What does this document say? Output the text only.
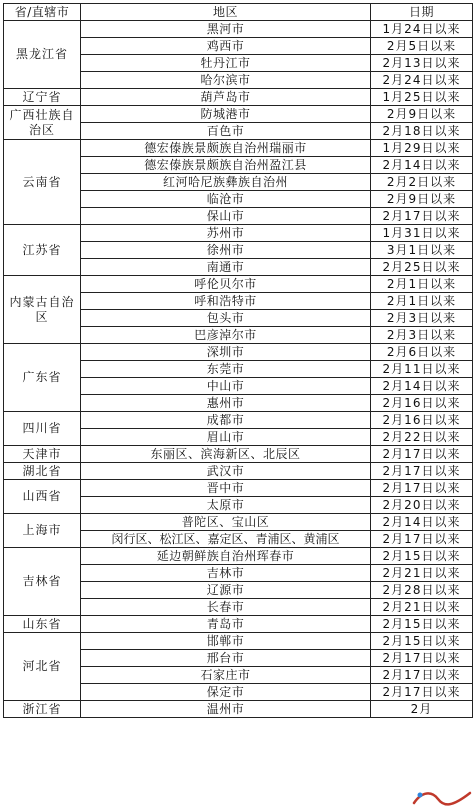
省/直辖市	地区	日期
黑龙江省	黑河市	1月24日以来
	鸡西市	2月5日以来
	牡丹江市	2月13日以来
	哈尔滨市	2月24日以来
辽宁省	葫芦岛市	1月25日以来
广西壮族自治区	防城港市	2月9日以来
	百色市	2月18日以来
云南省	德宏傣族景颇族自治州瑞丽市	1月29日以来
	德宏傣族景颇族自治州盈江县	2月14日以来
	红河哈尼族彝族自治州	2月2日以来
	临沧市	2月9日以来
	保山市	2月17日以来
江苏省	苏州市	1月31日以来
	徐州市	3月1日以来
	南通市	2月25日以来
内蒙古自治区	呼伦贝尔市	2月1日以来
	呼和浩特市	2月1日以来
	包头市	2月3日以来
	巴彦淖尔市	2月3日以来
广东省	深圳市	2月6日以来
	东莞市	2月11日以来
	中山市	2月14日以来
	惠州市	2月16日以来
四川省	成都市	2月16日以来
	眉山市	2月22日以来
天津市	东丽区、滨海新区、北辰区	2月17日以来
湖北省	武汉市	2月17日以来
山西省	晋中市	2月17日以来
	太原市	2月20日以来
上海市	普陀区、宝山区	2月14日以来
	闵行区、松江区、嘉定区、青浦区、黄浦区	2月17日以来
吉林省	延边朝鲜族自治州珲春市	2月15日以来
	吉林市	2月21日以来
	辽源市	2月28日以来
	长春市	2月21日以来
山东省	青岛市	2月15日以来
河北省	邯郸市	2月15日以来
	邢台市	2月17日以来
	石家庄市	2月17日以来
	保定市	2月17日以来
浙江省	温州市	2月
